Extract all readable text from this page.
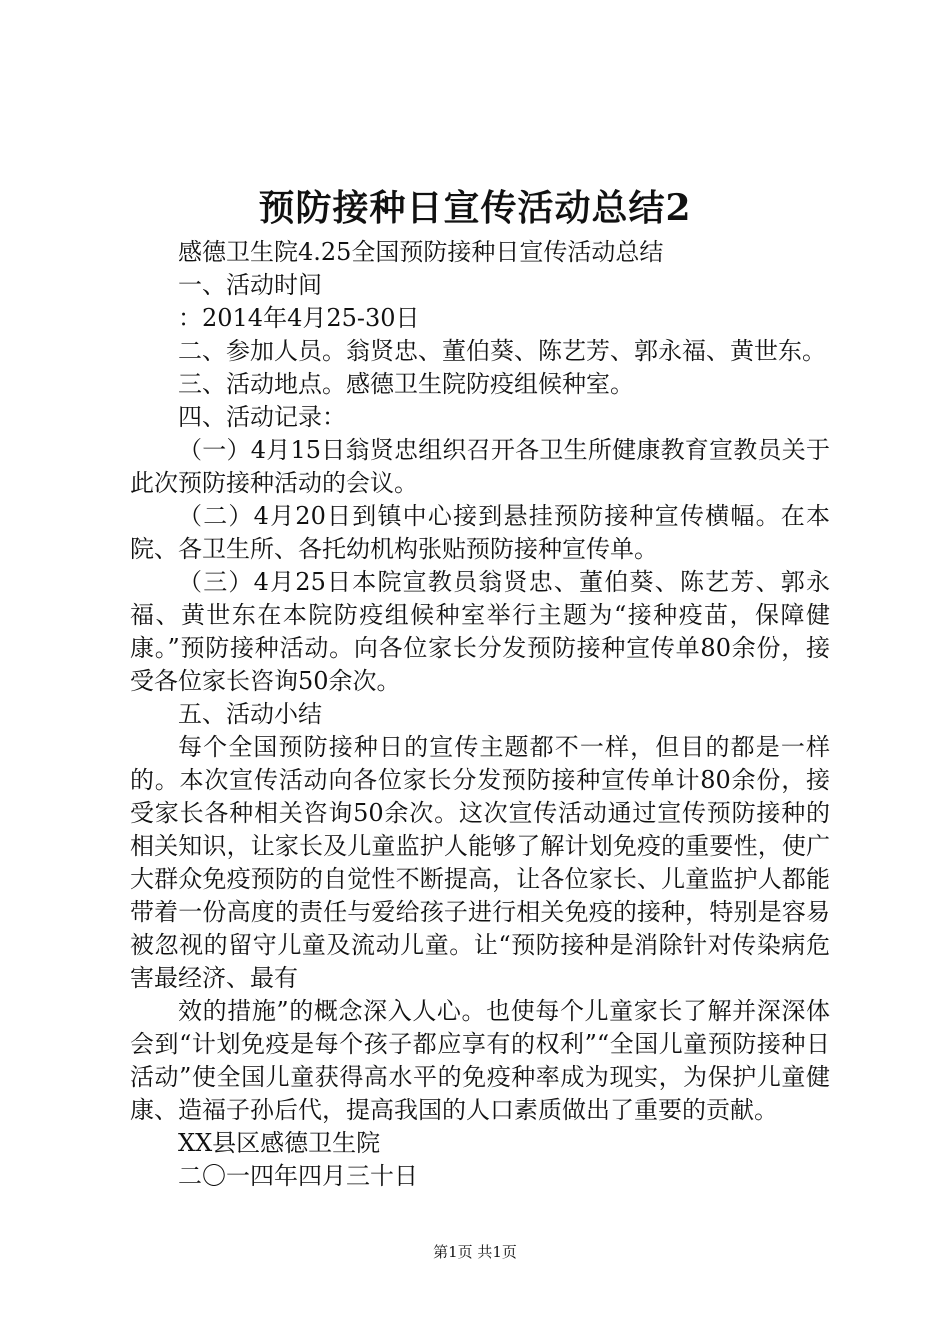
预防接种日宣传活动总结2

感德卫生院4.25全国预防接种日宣传活动总结

一、活动时间

：2014年4月25-30日

二、参加人员。翁贤忠、董伯葵、陈艺芳、郭永福、黄世东。

三、活动地点。感德卫生院防疫组候种室。

四、活动记录：

（一）4月15日翁贤忠组织召开各卫生所健康教育宣教员关于此次预防接种活动的会议。

（二）4月20日到镇中心接到悬挂预防接种宣传横幅。在本院、各卫生所、各托幼机构张贴预防接种宣传单。

（三）4月25日本院宣教员翁贤忠、董伯葵、陈艺芳、郭永福、黄世东在本院防疫组候种室举行主题为“接种疫苗，保障健康。”预防接种活动。向各位家长分发预防接种宣传单80余份，接受各位家长咨询50余次。

五、活动小结

每个全国预防接种日的宣传主题都不一样，但目的都是一样的。本次宣传活动向各位家长分发预防接种宣传单计80余份，接受家长各种相关咨询50余次。这次宣传活动通过宣传预防接种的相关知识，让家长及儿童监护人能够了解计划免疫的重要性，使广大群众免疫预防的自觉性不断提高，让各位家长、儿童监护人都能带着一份高度的责任与爱给孩子进行相关免疫的接种，特别是容易被忽视的留守儿童及流动儿童。让“预防接种是消除针对传染病危害最经济、最有

效的措施”的概念深入人心。也使每个儿童家长了解并深深体会到“计划免疫是每个孩子都应享有的权利”“全国儿童预防接种日活动”使全国儿童获得高水平的免疫种率成为现实，为保护儿童健康、造福子孙后代，提高我国的人口素质做出了重要的贡献。

XX县区感德卫生院

二〇一四年四月三十日

第1页 共1页
